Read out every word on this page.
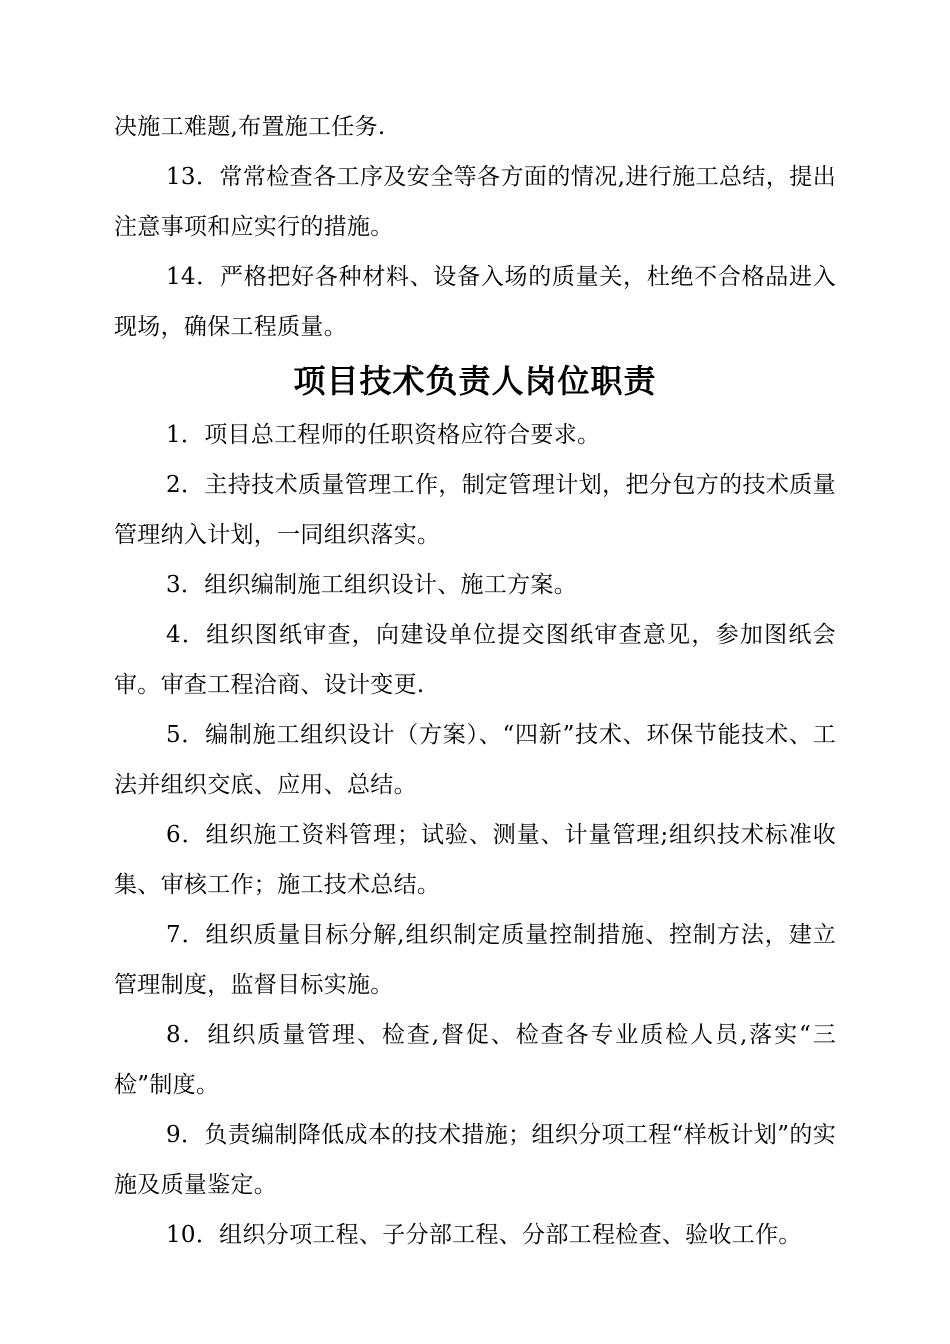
决施工难题,布置施工任务.

13．常常检查各工序及安全等各方面的情况,进行施工总结，提出注意事项和应实行的措施。

14．严格把好各种材料、设备入场的质量关，杜绝不合格品进入现场，确保工程质量。

项目技术负责人岗位职责

1．项目总工程师的任职资格应符合要求。

2．主持技术质量管理工作，制定管理计划，把分包方的技术质量管理纳入计划，一同组织落实。

3．组织编制施工组织设计、施工方案。

4．组织图纸审查，向建设单位提交图纸审查意见，参加图纸会审。审查工程洽商、设计变更.

5．编制施工组织设计（方案）、“四新”技术、环保节能技术、工法并组织交底、应用、总结。

6．组织施工资料管理；试验、测量、计量管理;组织技术标准收集、审核工作；施工技术总结。

7．组织质量目标分解,组织制定质量控制措施、控制方法，建立管理制度，监督目标实施。

8．组织质量管理、检查,督促、检查各专业质检人员,落实“三检”制度。

9．负责编制降低成本的技术措施；组织分项工程“样板计划”的实施及质量鉴定。

10．组织分项工程、子分部工程、分部工程检查、验收工作。
